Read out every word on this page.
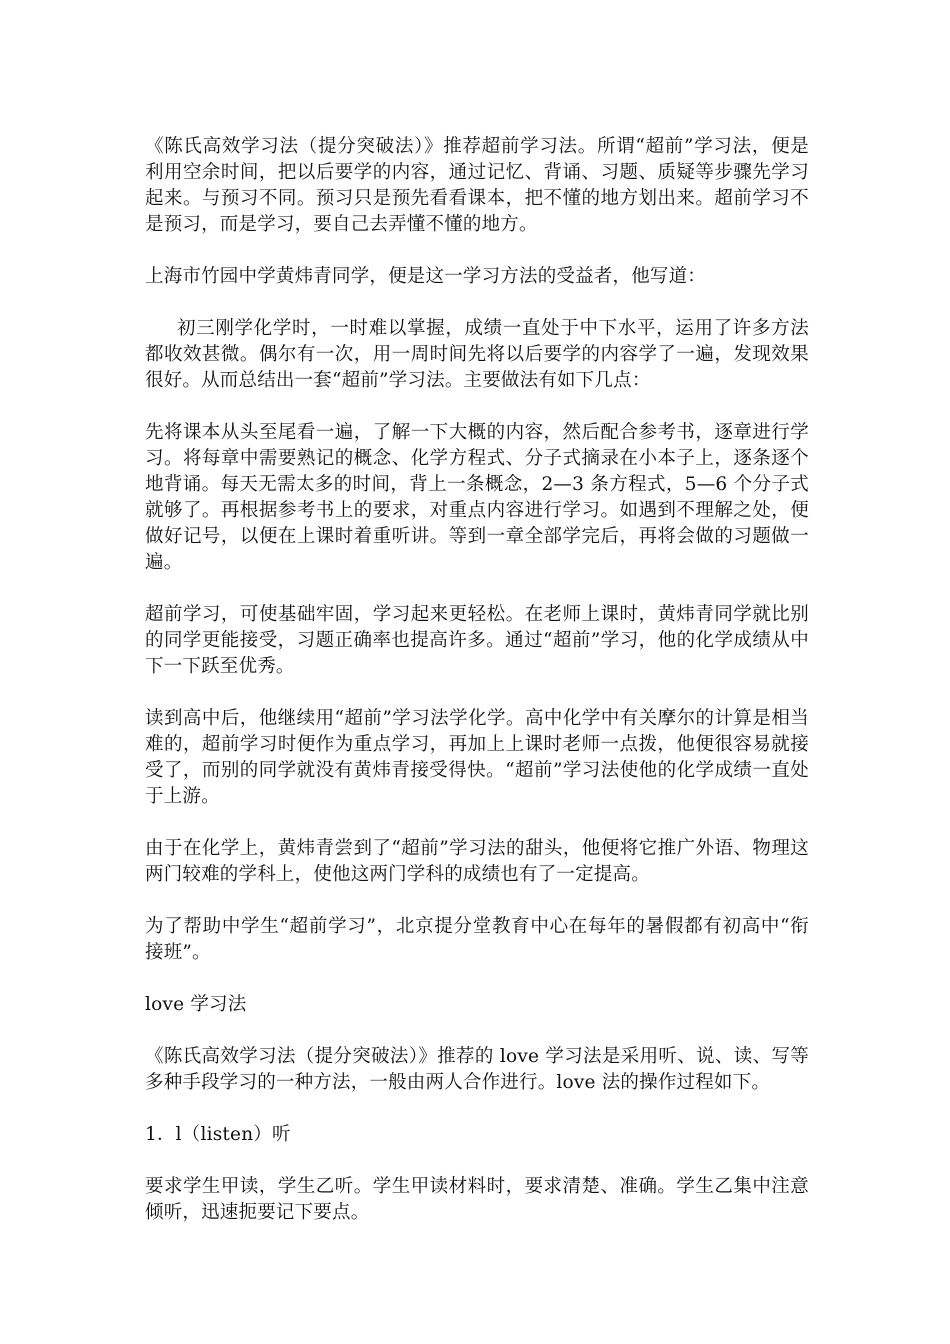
《陈氏高效学习法（提分突破法）》推荐超前学习法。所谓“超前”学习法，便是利用空余时间，把以后要学的内容，通过记忆、背诵、习题、质疑等步骤先学习起来。与预习不同。预习只是预先看看课本，把不懂的地方划出来。超前学习不是预习，而是学习，要自己去弄懂不懂的地方。

上海市竹园中学黄炜青同学，便是这一学习方法的受益者，他写道：

初三刚学化学时，一时难以掌握，成绩一直处于中下水平，运用了许多方法都收效甚微。偶尔有一次，用一周时间先将以后要学的内容学了一遍，发现效果很好。从而总结出一套“超前”学习法。主要做法有如下几点：

先将课本从头至尾看一遍，了解一下大概的内容，然后配合参考书，逐章进行学习。将每章中需要熟记的概念、化学方程式、分子式摘录在小本子上，逐条逐个地背诵。每天无需太多的时间，背上一条概念，2—3 条方程式，5—6 个分子式就够了。再根据参考书上的要求，对重点内容进行学习。如遇到不理解之处，便做好记号，以便在上课时着重听讲。等到一章全部学完后，再将会做的习题做一遍。

超前学习，可使基础牢固，学习起来更轻松。在老师上课时，黄炜青同学就比别的同学更能接受，习题正确率也提高许多。通过“超前”学习，他的化学成绩从中下一下跃至优秀。

读到高中后，他继续用“超前”学习法学化学。高中化学中有关摩尔的计算是相当难的，超前学习时便作为重点学习，再加上上课时老师一点拨，他便很容易就接受了，而别的同学就没有黄炜青接受得快。“超前”学习法使他的化学成绩一直处于上游。

由于在化学上，黄炜青尝到了“超前”学习法的甜头，他便将它推广外语、物理这两门较难的学科上，使他这两门学科的成绩也有了一定提高。

为了帮助中学生“超前学习”，北京提分堂教育中心在每年的暑假都有初高中“衔接班”。

love 学习法

《陈氏高效学习法（提分突破法）》推荐的 love 学习法是采用听、说、读、写等多种手段学习的一种方法，一般由两人合作进行。love 法的操作过程如下。

1．l（listen）听

要求学生甲读，学生乙听。学生甲读材料时，要求清楚、准确。学生乙集中注意倾听，迅速扼要记下要点。
